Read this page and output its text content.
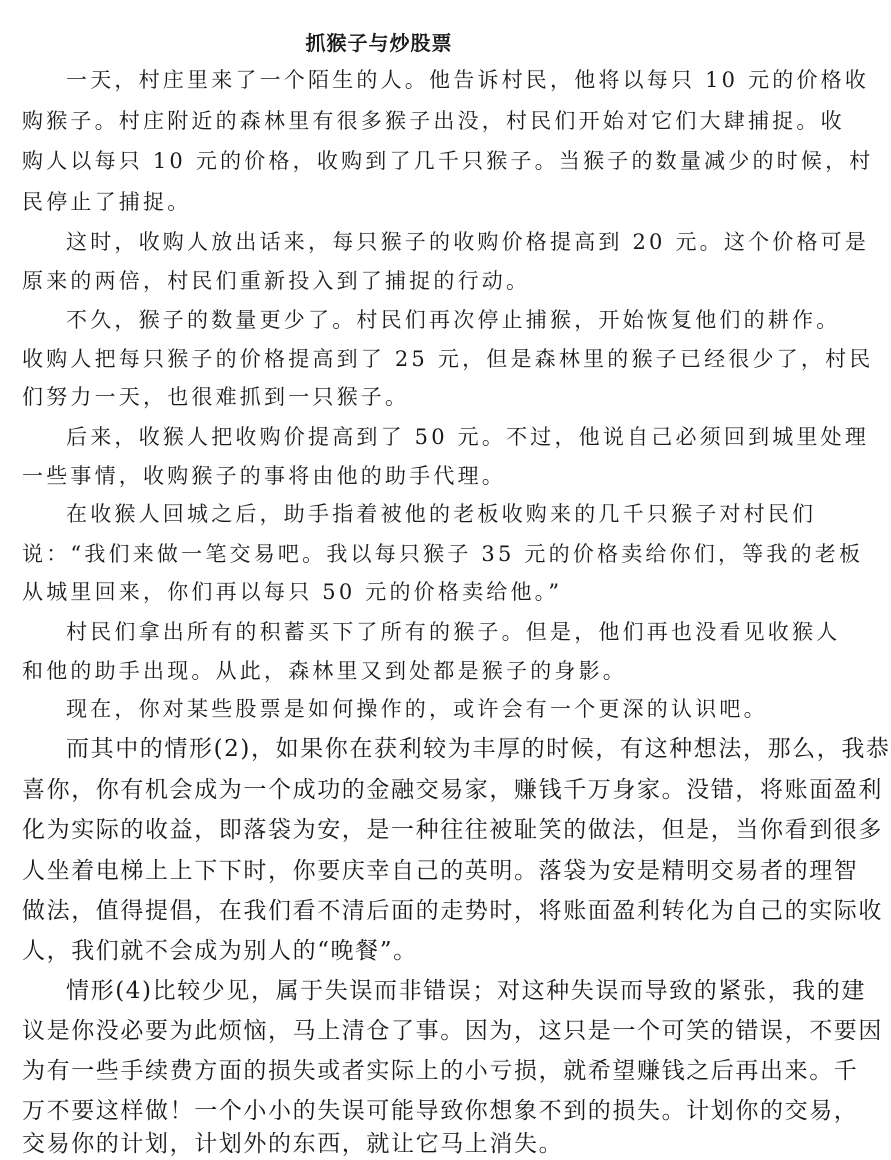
抓猴子与炒股票
一天，村庄里来了一个陌生的人。他告诉村民，他将以每只 10 元的价格收
购猴子。村庄附近的森林里有很多猴子出没，村民们开始对它们大肆捕捉。收
购人以每只 10 元的价格，收购到了几千只猴子。当猴子的数量减少的时候，村
民停止了捕捉。
这时，收购人放出话来，每只猴子的收购价格提高到 20 元。这个价格可是
原来的两倍，村民们重新投入到了捕捉的行动。
不久，猴子的数量更少了。村民们再次停止捕猴，开始恢复他们的耕作。
收购人把每只猴子的价格提高到了 25 元，但是森林里的猴子已经很少了，村民
们努力一天，也很难抓到一只猴子。
后来，收猴人把收购价提高到了 50 元。不过，他说自己必须回到城里处理
一些事情，收购猴子的事将由他的助手代理。
在收猴人回城之后，助手指着被他的老板收购来的几千只猴子对村民们
说：“我们来做一笔交易吧。我以每只猴子 35 元的价格卖给你们，等我的老板
从城里回来，你们再以每只 50 元的价格卖给他。”
村民们拿出所有的积蓄买下了所有的猴子。但是，他们再也没看见收猴人
和他的助手出现。从此，森林里又到处都是猴子的身影。
现在，你对某些股票是如何操作的，或许会有一个更深的认识吧。
而其中的情形(2)，如果你在获利较为丰厚的时候，有这种想法，那么，我恭
喜你，你有机会成为一个成功的金融交易家，赚钱千万身家。没错，将账面盈利
化为实际的收益，即落袋为安，是一种往往被耻笑的做法，但是，当你看到很多
人坐着电梯上上下下时，你要庆幸自己的英明。落袋为安是精明交易者的理智
做法，值得提倡，在我们看不清后面的走势时，将账面盈利转化为自己的实际收
人，我们就不会成为别人的“晚餐”。
情形(4)比较少见，属于失误而非错误；对这种失误而导致的紧张，我的建
议是你没必要为此烦恼，马上清仓了事。因为，这只是一个可笑的错误，不要因
为有一些手续费方面的损失或者实际上的小亏损，就希望赚钱之后再出来。千
万不要这样做！一个小小的失误可能导致你想象不到的损失。计划你的交易，
交易你的计划，计划外的东西，就让它马上消失。
